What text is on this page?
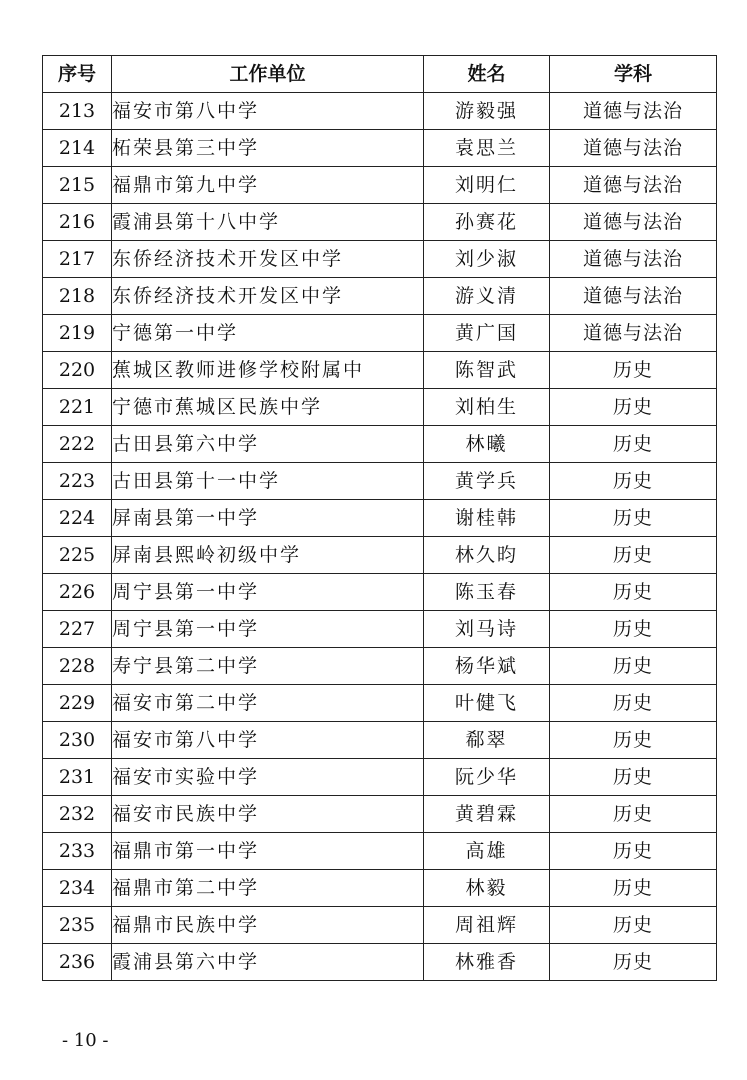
序号	工作单位	姓名	学科
213	福安市第八中学	游毅强	道德与法治
214	柘荣县第三中学	袁思兰	道德与法治
215	福鼎市第九中学	刘明仁	道德与法治
216	霞浦县第十八中学	孙赛花	道德与法治
217	东侨经济技术开发区中学	刘少淑	道德与法治
218	东侨经济技术开发区中学	游义清	道德与法治
219	宁德第一中学	黄广国	道德与法治
220	蕉城区教师进修学校附属中	陈智武	历史
221	宁德市蕉城区民族中学	刘柏生	历史
222	古田县第六中学	林曦	历史
223	古田县第十一中学	黄学兵	历史
224	屏南县第一中学	谢桂韩	历史
225	屏南县熙岭初级中学	林久昀	历史
226	周宁县第一中学	陈玉春	历史
227	周宁县第一中学	刘马诗	历史
228	寿宁县第二中学	杨华斌	历史
229	福安市第二中学	叶健飞	历史
230	福安市第八中学	郗翠	历史
231	福安市实验中学	阮少华	历史
232	福安市民族中学	黄碧霖	历史
233	福鼎市第一中学	高雄	历史
234	福鼎市第二中学	林毅	历史
235	福鼎市民族中学	周祖辉	历史
236	霞浦县第六中学	林雅香	历史
- 10 -
